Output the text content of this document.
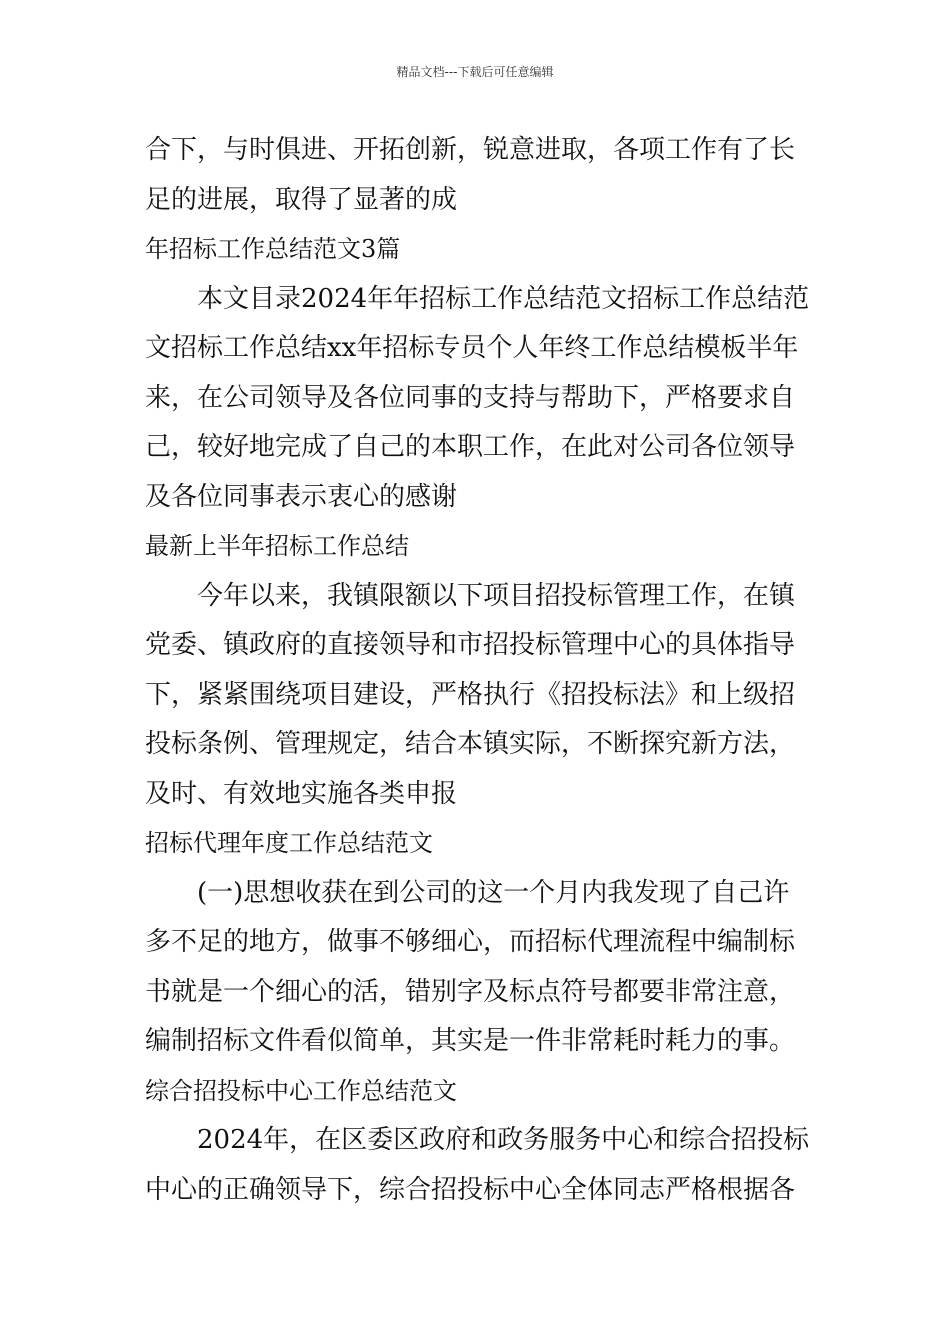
精品文档---下载后可任意编辑
合下，与时俱进、开拓创新，锐意进取，各项工作有了长
足的进展，取得了显著的成
年招标工作总结范文3篇
本文目录2024年年招标工作总结范文招标工作总结范
文招标工作总结xx年招标专员个人年终工作总结模板半年
来，在公司领导及各位同事的支持与帮助下，严格要求自
己，较好地完成了自己的本职工作，在此对公司各位领导
及各位同事表示衷心的感谢
最新上半年招标工作总结
今年以来，我镇限额以下项目招投标管理工作，在镇
党委、镇政府的直接领导和市招投标管理中心的具体指导
下，紧紧围绕项目建设，严格执行《招投标法》和上级招
投标条例、管理规定，结合本镇实际，不断探究新方法，
及时、有效地实施各类申报
招标代理年度工作总结范文
(一)思想收获在到公司的这一个月内我发现了自己许
多不足的地方，做事不够细心，而招标代理流程中编制标
书就是一个细心的活，错别字及标点符号都要非常注意，
编制招标文件看似简单，其实是一件非常耗时耗力的事。
综合招投标中心工作总结范文
2024年，在区委区政府和政务服务中心和综合招投标
中心的正确领导下，综合招投标中心全体同志严格根据各
